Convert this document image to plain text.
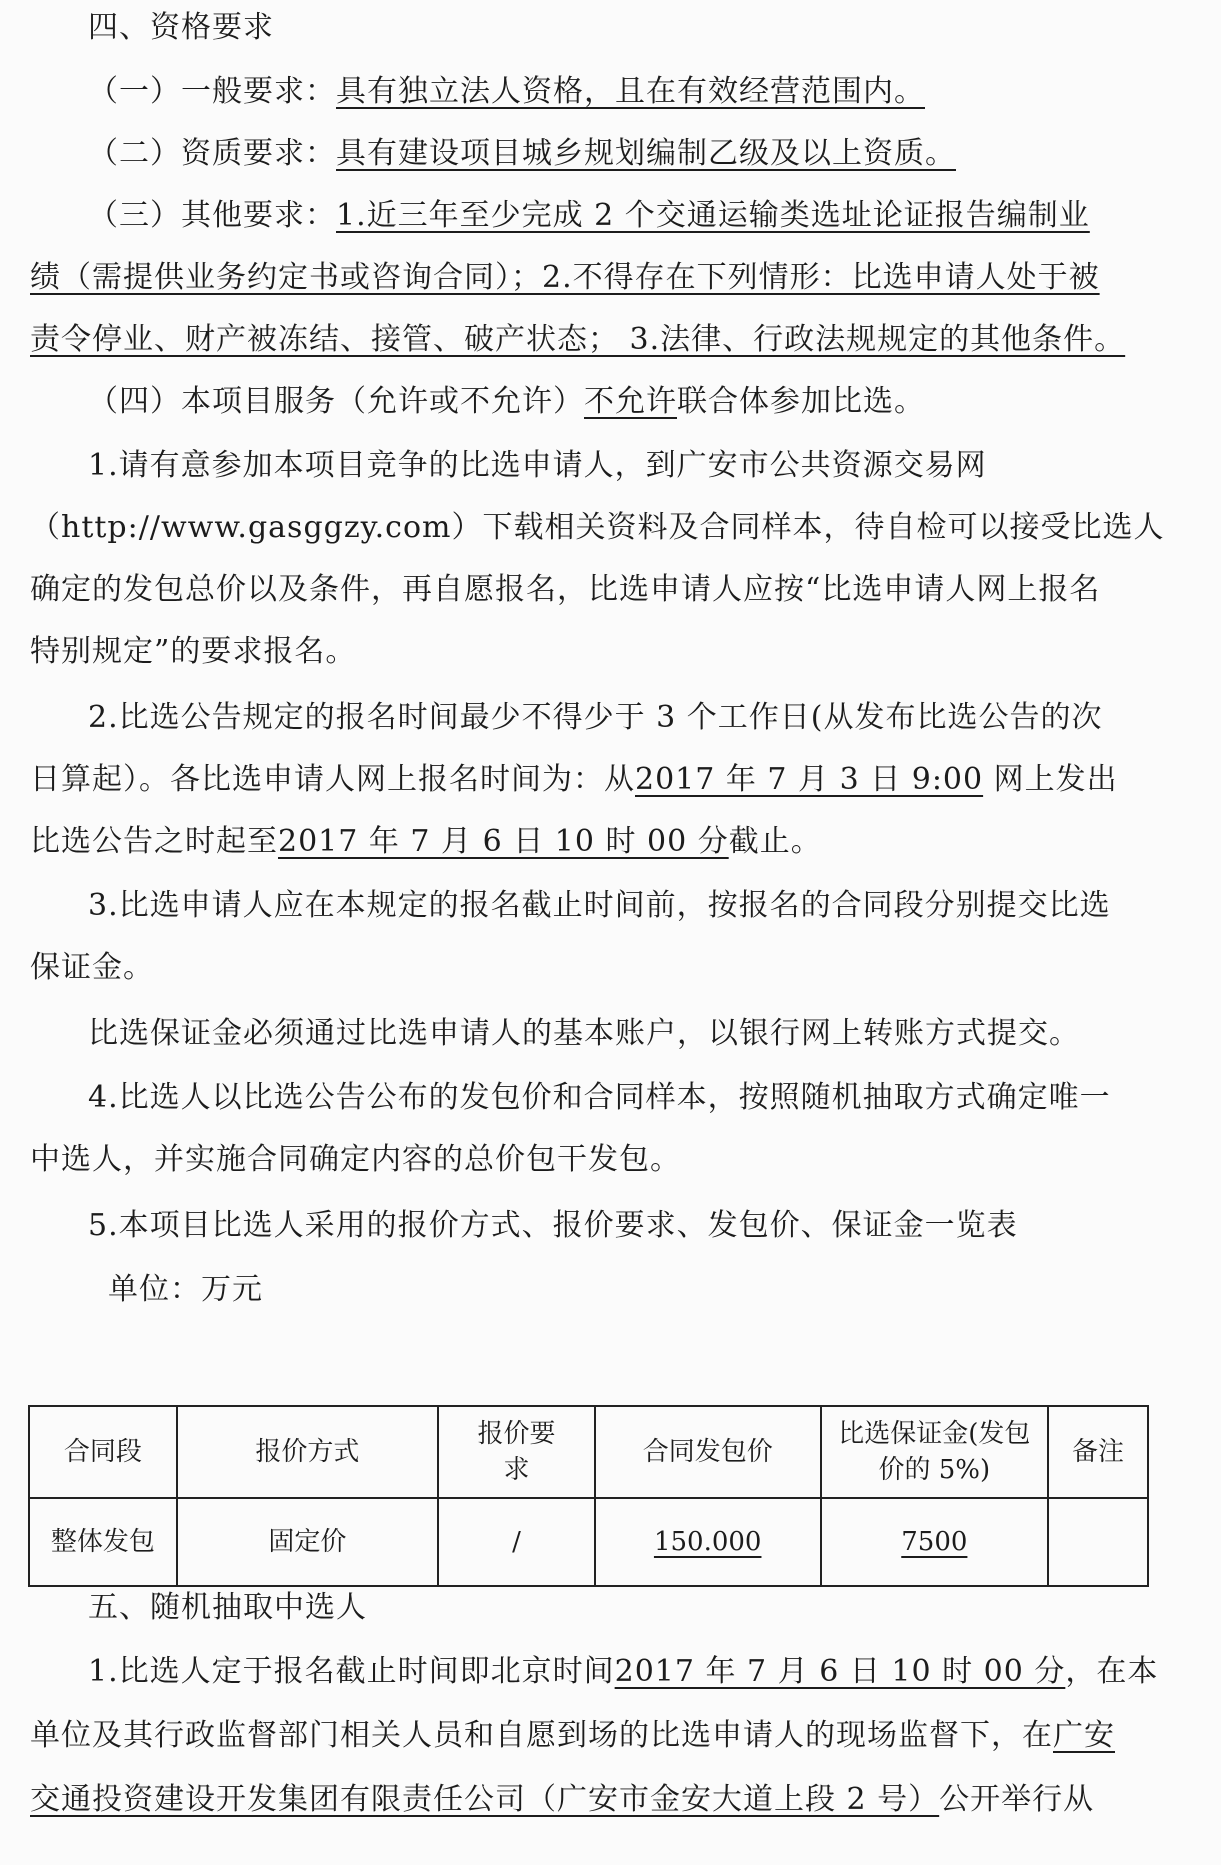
四、资格要求
（一）一般要求：具有独立法人资格，且在有效经营范围内。
（二）资质要求：具有建设项目城乡规划编制乙级及以上资质。
（三）其他要求：1.近三年至少完成 2 个交通运输类选址论证报告编制业
绩（需提供业务约定书或咨询合同）；2.不得存在下列情形：比选申请人处于被
责令停业、财产被冻结、接管、破产状态； 3.法律、行政法规规定的其他条件。
（四）本项目服务（允许或不允许）不允许联合体参加比选。
1.请有意参加本项目竞争的比选申请人，到广安市公共资源交易网
（http://www.gasggzy.com）下载相关资料及合同样本，待自检可以接受比选人
确定的发包总价以及条件，再自愿报名，比选申请人应按“比选申请人网上报名
特别规定”的要求报名。
2.比选公告规定的报名时间最少不得少于 3 个工作日(从发布比选公告的次
日算起）。各比选申请人网上报名时间为：从2017 年 7 月 3 日 9:00 网上发出
比选公告之时起至2017 年 7 月 6 日 10 时 00 分截止。
3.比选申请人应在本规定的报名截止时间前，按报名的合同段分别提交比选
保证金。
比选保证金必须通过比选申请人的基本账户，以银行网上转账方式提交。
4.比选人以比选公告公布的发包价和合同样本，按照随机抽取方式确定唯一
中选人，并实施合同确定内容的总价包干发包。
5.本项目比选人采用的报价方式、报价要求、发包价、保证金一览表
单位：万元
合同段	报价方式	报价要求	合同发包价	比选保证金(发包价的 5%)	备注
整体发包	固定价	/	150.000	7500	
五、随机抽取中选人
1.比选人定于报名截止时间即北京时间2017 年 7 月 6 日 10 时 00 分，在本
单位及其行政监督部门相关人员和自愿到场的比选申请人的现场监督下，在广安
交通投资建设开发集团有限责任公司（广安市金安大道上段 2 号）公开举行从
